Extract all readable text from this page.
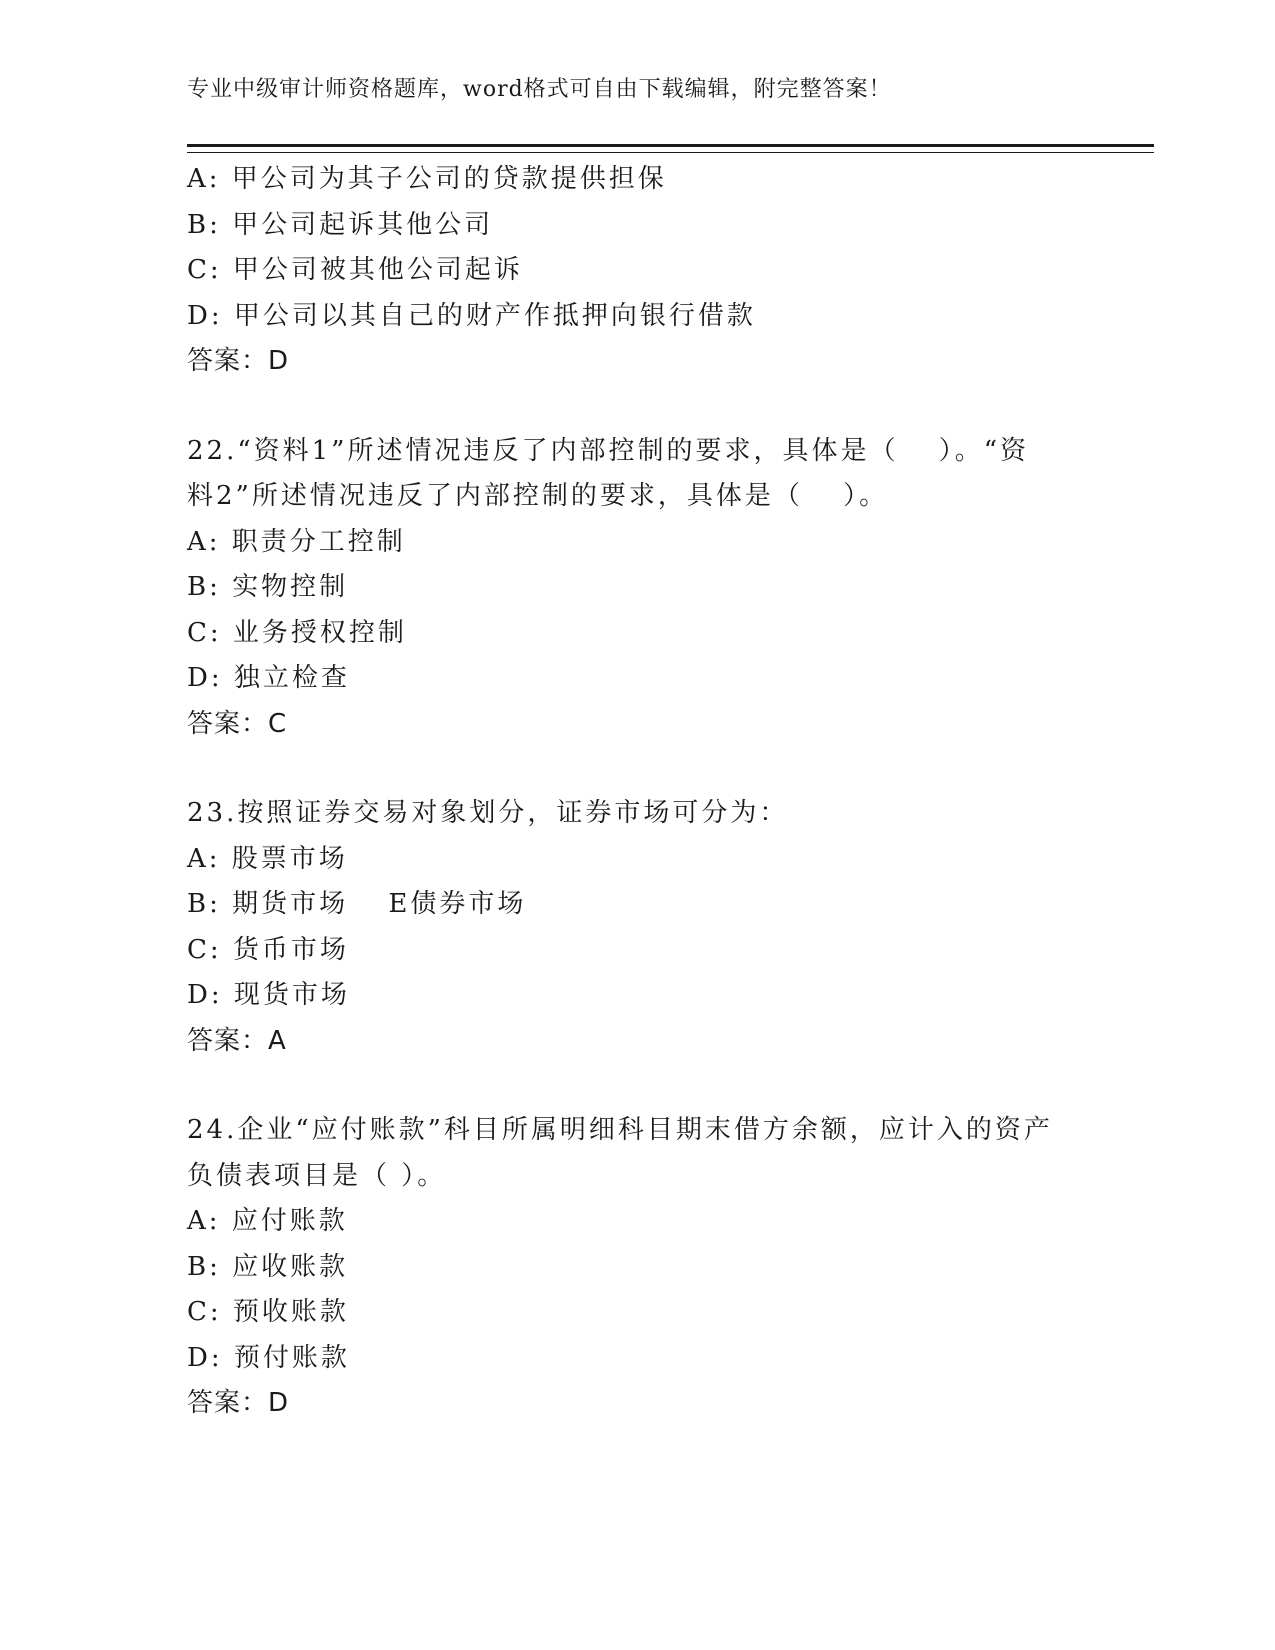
专业中级审计师资格题库，word格式可自由下载编辑，附完整答案！
A: 甲公司为其子公司的贷款提供担保
B: 甲公司起诉其他公司
C: 甲公司被其他公司起诉
D: 甲公司以其自己的财产作抵押向银行借款
答案：D
22.“资料1”所述情况违反了内部控制的要求，具体是（　 ）。“资
料2”所述情况违反了内部控制的要求，具体是（　 ）。
A: 职责分工控制
B: 实物控制
C: 业务授权控制
D: 独立检查
答案：C
23.按照证券交易对象划分，证券市场可分为：
A: 股票市场
B: 期货市场　 E债券市场
C: 货币市场
D: 现货市场
答案：A
24.企业“应付账款”科目所属明细科目期末借方余额，应计入的资产
负债表项目是（ ）。
A: 应付账款
B: 应收账款
C: 预收账款
D: 预付账款
答案：D
